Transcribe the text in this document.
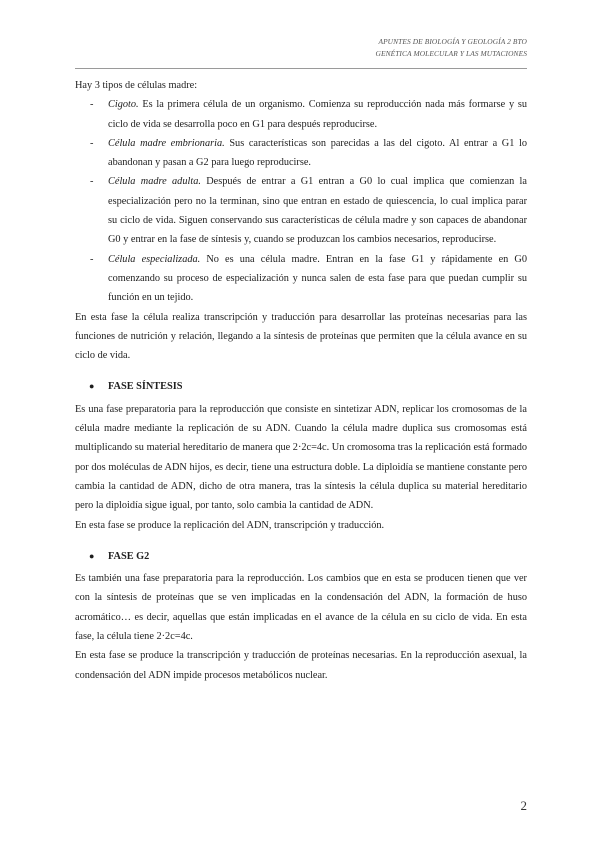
APUNTES DE BIOLOGÍA Y GEOLOGÍA 2 BTO
GENÉTICA MOLECULAR Y LAS MUTACIONES

Hay 3 tipos de células madre:

- Cigoto. Es la primera célula de un organismo. Comienza su reproducción nada más formarse y su ciclo de vida se desarrolla poco en G1 para después reproducirse.
- Célula madre embrionaria. Sus características son parecidas a las del cigoto. Al entrar a G1 lo abandonan y pasan a G2 para luego reproducirse.
- Célula madre adulta. Después de entrar a G1 entran a G0 lo cual implica que comienzan la especialización pero no la terminan, sino que entran en estado de quiescencia, lo cual implica parar su ciclo de vida. Siguen conservando sus características de célula madre y son capaces de abandonar G0 y entrar en la fase de síntesis y, cuando se produzcan los cambios necesarios, reproducirse.
- Célula especializada. No es una célula madre. Entran en la fase G1 y rápidamente en G0 comenzando su proceso de especialización y nunca salen de esta fase para que puedan cumplir su función en un tejido.

En esta fase la célula realiza transcripción y traducción para desarrollar las proteínas necesarias para las funciones de nutrición y relación, llegando a la síntesis de proteínas que permiten que la célula avance en su ciclo de vida.

● FASE SÍNTESIS

Es una fase preparatoria para la reproducción que consiste en sintetizar ADN, replicar los cromosomas de la célula madre mediante la replicación de su ADN. Cuando la célula madre duplica sus cromosomas está multiplicando su material hereditario de manera que 2·2c=4c. Un cromosoma tras la replicación está formado por dos moléculas de ADN hijos, es decir, tiene una estructura doble. La diploidía se mantiene constante pero cambia la cantidad de ADN, dicho de otra manera, tras la síntesis la célula duplica su material hereditario pero la diploidía sigue igual, por tanto, solo cambia la cantidad de ADN.

En esta fase se produce la replicación del ADN, transcripción y traducción.

● FASE G2

Es también una fase preparatoria para la reproducción. Los cambios que en esta se producen tienen que ver con la síntesis de proteínas que se ven implicadas en la condensación del ADN, la formación de huso acromático… es decir, aquellas que están implicadas en el avance de la célula en su ciclo de vida. En esta fase, la célula tiene 2·2c=4c.

En esta fase se produce la transcripción y traducción de proteínas necesarias. En la reproducción asexual, la condensación del ADN impide procesos metabólicos nuclear.

2
